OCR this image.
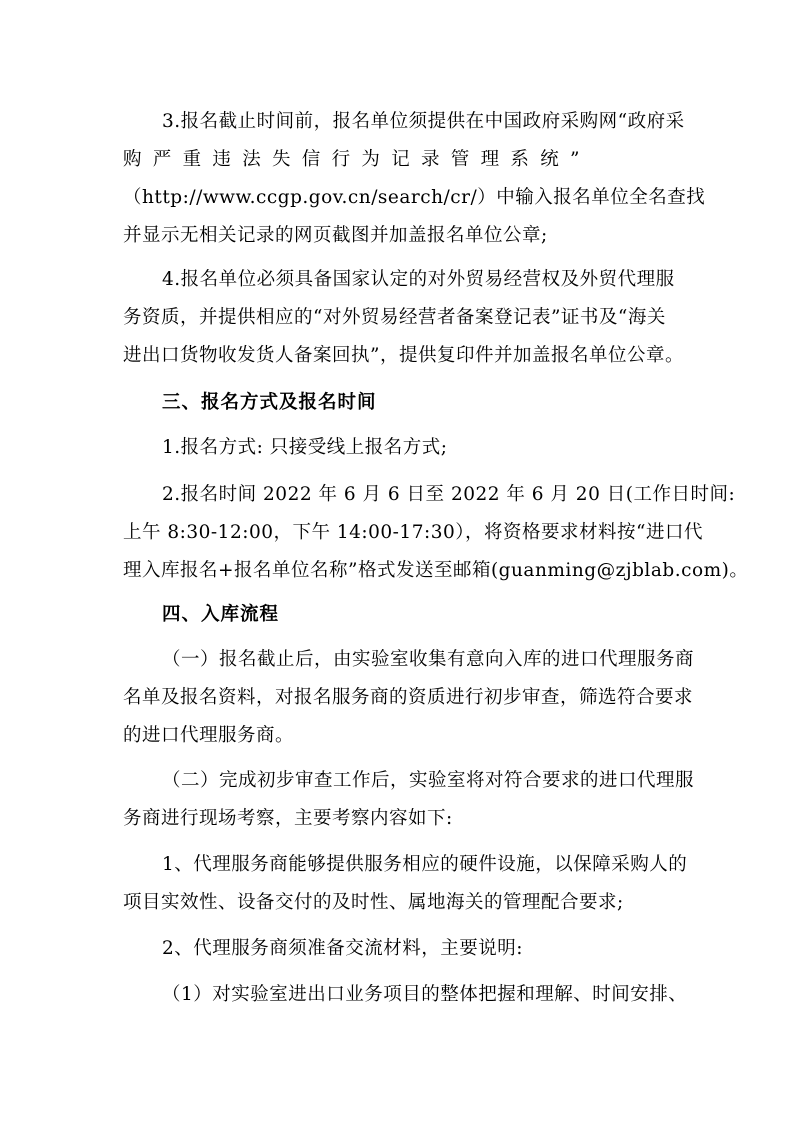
3.报名截止时间前，报名单位须提供在中国政府采购网“政府采
购严重违法失信行为记录管理系统”
（http://www.ccgp.gov.cn/search/cr/）中输入报名单位全名查找
并显示无相关记录的网页截图并加盖报名单位公章;
4.报名单位必须具备国家认定的对外贸易经营权及外贸代理服
务资质，并提供相应的“对外贸易经营者备案登记表”证书及“海关
进出口货物收发货人备案回执”，提供复印件并加盖报名单位公章。
三、报名方式及报名时间
1.报名方式: 只接受线上报名方式;
2.报名时间 2022 年 6 月 6 日至 2022 年 6 月 20 日(工作日时间:
上午 8:30-12:00，下午 14:00-17:30），将资格要求材料按“进口代
理入库报名+报名单位名称”格式发送至邮箱(guanming@zjblab.com)。
四、入库流程
（一）报名截止后，由实验室收集有意向入库的进口代理服务商
名单及报名资料，对报名服务商的资质进行初步审查，筛选符合要求
的进口代理服务商。
（二）完成初步审查工作后，实验室将对符合要求的进口代理服
务商进行现场考察，主要考察内容如下:
1、代理服务商能够提供服务相应的硬件设施，以保障采购人的
项目实效性、设备交付的及时性、属地海关的管理配合要求;
2、代理服务商须准备交流材料，主要说明:
（1）对实验室进出口业务项目的整体把握和理解、时间安排、
